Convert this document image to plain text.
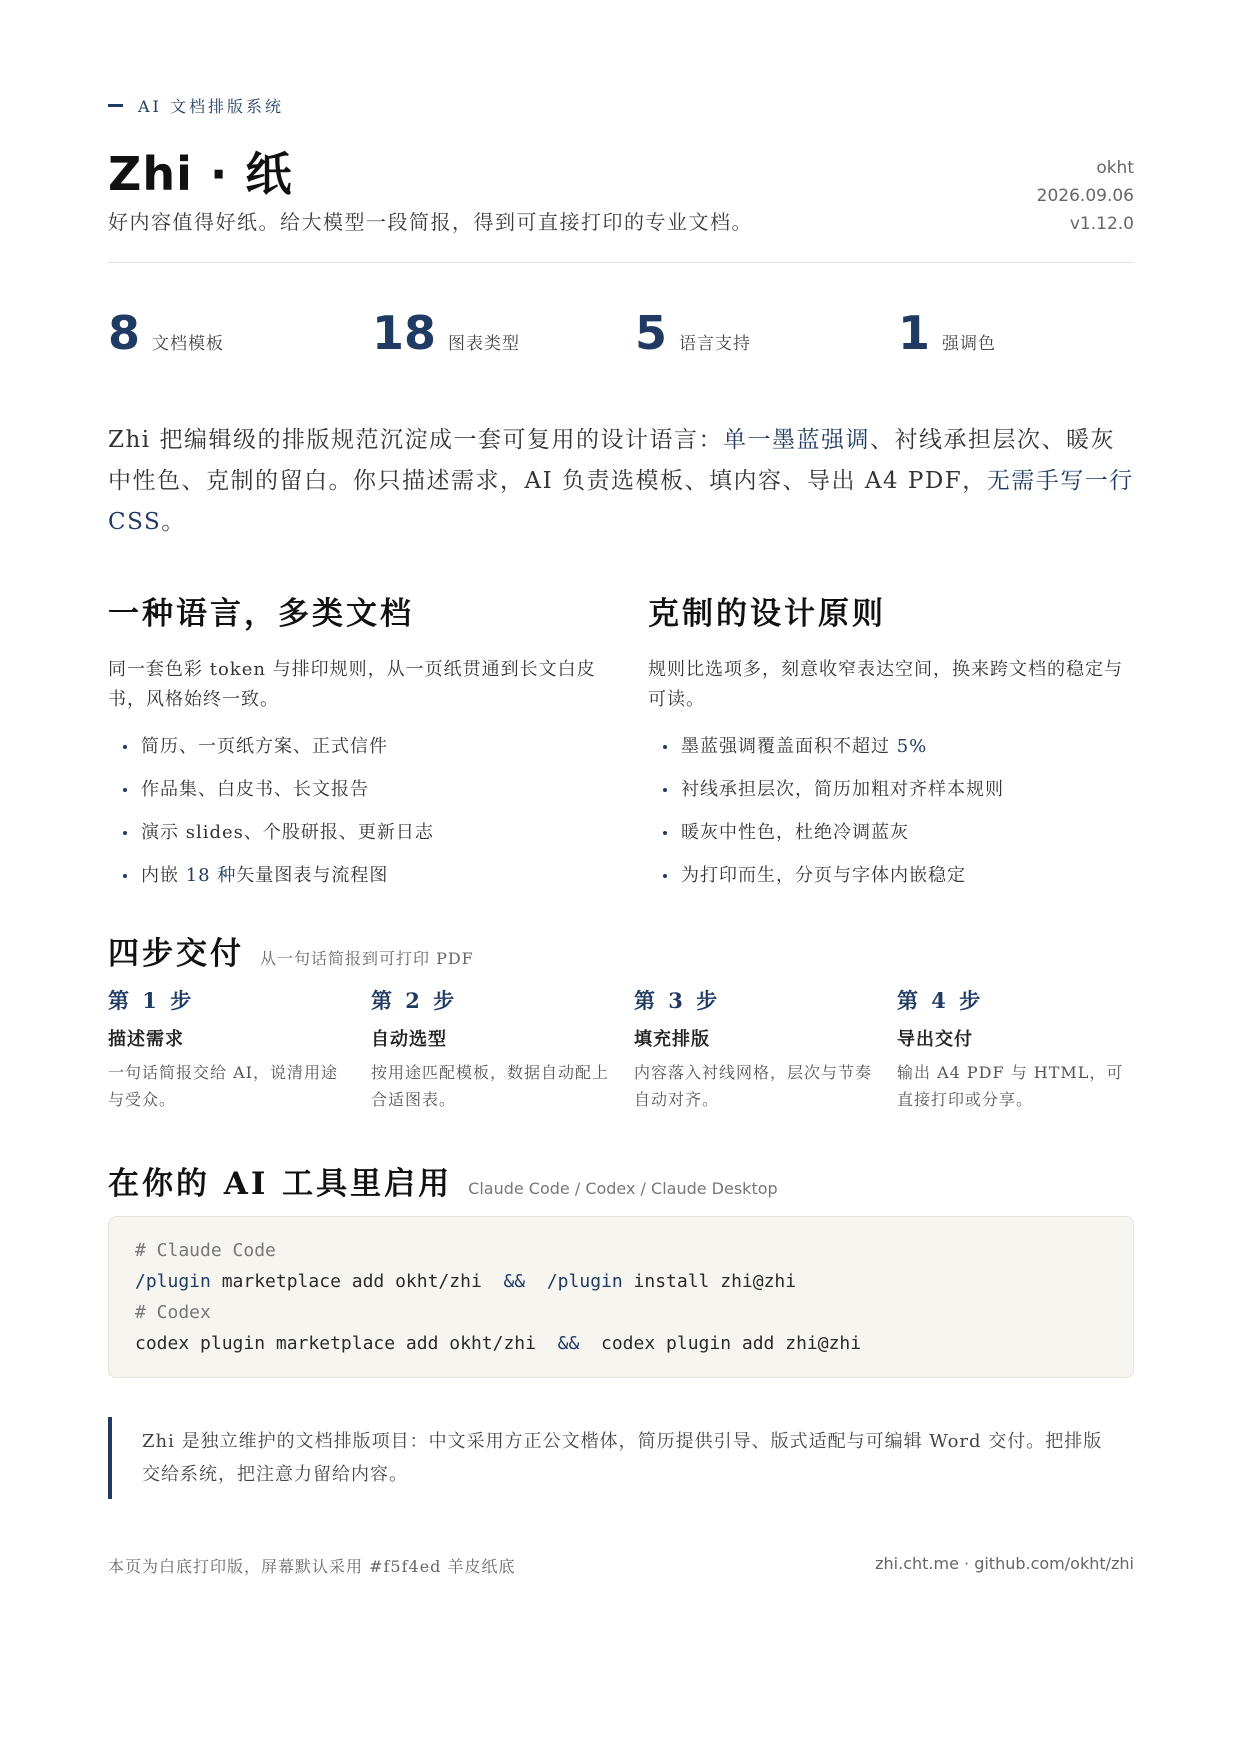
AI 文档排版系统
Zhi · 纸
好内容值得好纸。给大模型一段简报，得到可直接打印的专业文档。
okht
2026.09.06
v1.12.0
8 文档模板	18 图表类型 5 语言支持	1 强调色
Zhi 把编辑级的排版规范沉淀成一套可复用的设计语言：单一墨蓝强调、衬线承担层次、暖灰中性色、克制的留白。你只描述需求，AI 负责选模板、填内容、导出 A4 PDF，无需手写一行 CSS。
一种语言，多类文档

同一套色彩 token 与排印规则，从一页纸贯通到长文白皮书，风格始终一致。

简历、一页纸方案、正式信件
作品集、白皮书、长文报告
演示 slides、个股研报、更新日志
内嵌 18 种矢量图表与流程图
克制的设计原则

规则比选项多，刻意收窄表达空间，换来跨文档的稳定与可读。

墨蓝强调覆盖面积不超过 5%
衬线承担层次，简历加粗对齐样本规则
暖灰中性色，杜绝冷调蓝灰
为打印而生，分页与字体内嵌稳定
四步交付 从一句话简报到可打印 PDF
第 1 步
描述需求
一句话简报交给 AI，说清用途与受众。
第 2 步
自动选型
按用途匹配模板，数据自动配上合适图表。
第 3 步
填充排版
内容落入衬线网格，层次与节奏自动对齐。
第 4 步
导出交付
输出 A4 PDF 与 HTML，可直接打印或分享。
在你的 AI 工具里启用 Claude Code / Codex / Claude Desktop
# Claude Code
/plugin marketplace add okht/zhi  && /plugin install zhi@zhi
# Codex
codex plugin marketplace add okht/zhi  &&  codex plugin add zhi@zhi

Zhi 是独立维护的文档排版项目：中文采用方正公文楷体，简历提供引导、版式适配与可编辑 Word 交付。把排版交给系统，把注意力留给内容。

本页为白底打印版，屏幕默认采用 #f5f4ed 羊皮纸底	zhi.cht.me · github.com/okht/zhi
